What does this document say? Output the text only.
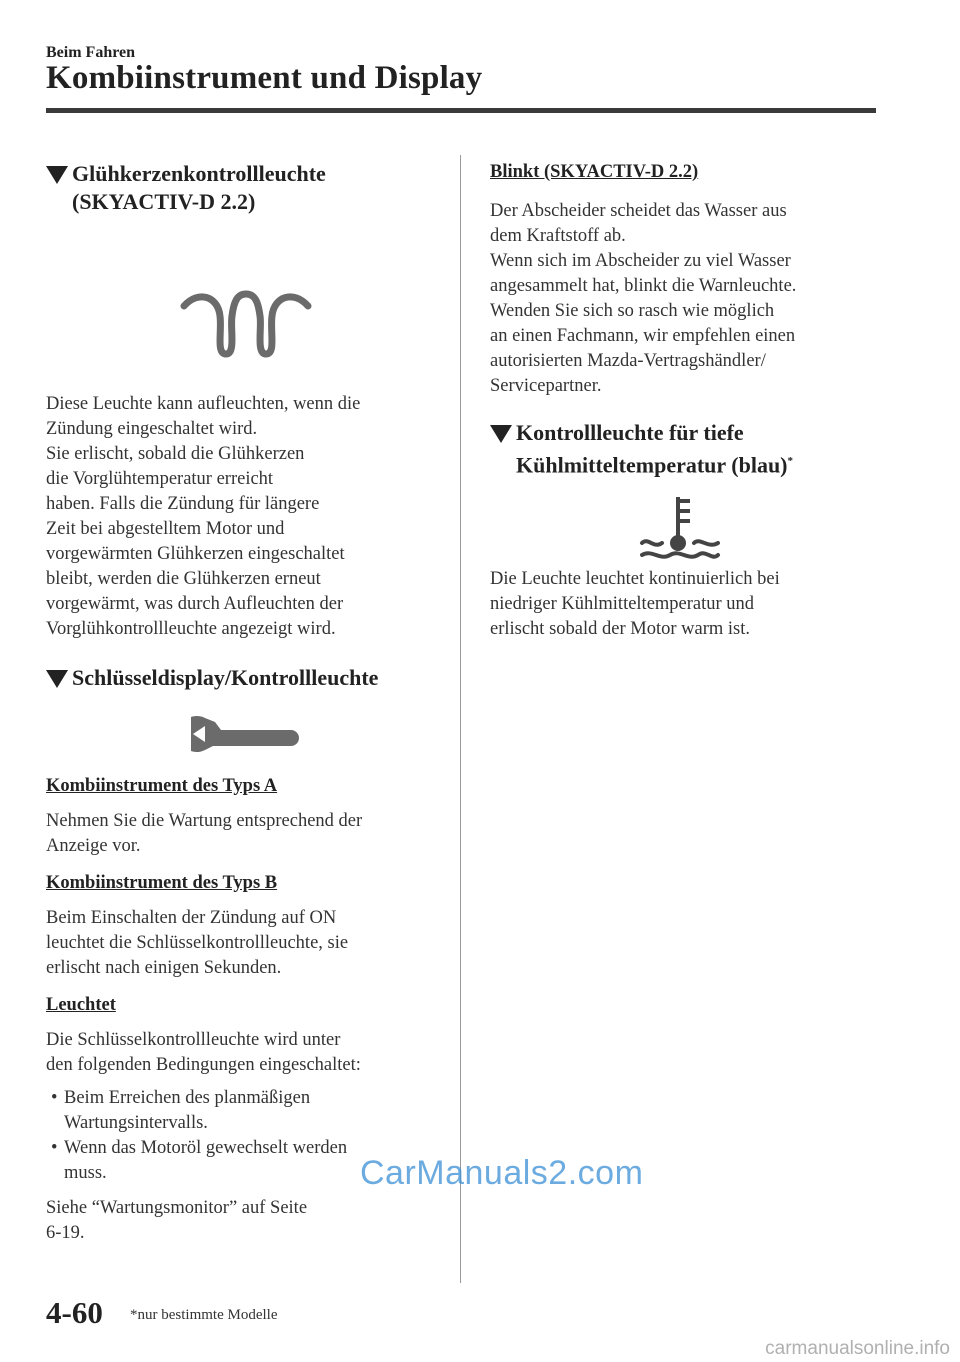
Beim Fahren
Kombiinstrument und Display
Glühkerzenkontrollleuchte
(SKYACTIV-D 2.2)

Diese Leuchte kann aufleuchten, wenn die

Zündung eingeschaltet wird.

Sie erlischt, sobald die Glühkerzen

die Vorglühtemperatur erreicht

haben. Falls die Zündung für längere

Zeit bei abgestelltem Motor und

vorgewärmten Glühkerzen eingeschaltet

bleibt, werden die Glühkerzen erneut

vorgewärmt, was durch Aufleuchten der

Vorglühkontrollleuchte angezeigt wird.

Schlüsseldisplay/Kontrollleuchte
Kombiinstrument des Typs A

Nehmen Sie die Wartung entsprechend der

Anzeige vor.

Kombiinstrument des Typs B

Beim Einschalten der Zündung auf ON

leuchtet die Schlüsselkontrollleuchte, sie

erlischt nach einigen Sekunden.

Leuchtet

Die Schlüsselkontrollleuchte wird unter

den folgenden Bedingungen eingeschaltet:

• Beim Erreichen des planmäßigen
Wartungsintervalls.
• Wenn das Motoröl gewechselt werden
muss.

Siehe “Wartungsmonitor” auf Seite

6-19.

Blinkt (SKYACTIV-D 2.2)

Der Abscheider scheidet das Wasser aus

dem Kraftstoff ab.

Wenn sich im Abscheider zu viel Wasser

angesammelt hat, blinkt die Warnleuchte.

Wenden Sie sich so rasch wie möglich

an einen Fachmann, wir empfehlen einen

autorisierten Mazda-Vertragshändler/

Servicepartner.

Kontrollleuchte für tiefe
Kühlmitteltemperatur (blau)*

Die Leuchte leuchtet kontinuierlich bei

niedriger Kühlmitteltemperatur und

erlischt sobald der Motor warm ist.

CarManuals2.com
4-60 *nur bestimmte Modelle
carmanualsonline.info
